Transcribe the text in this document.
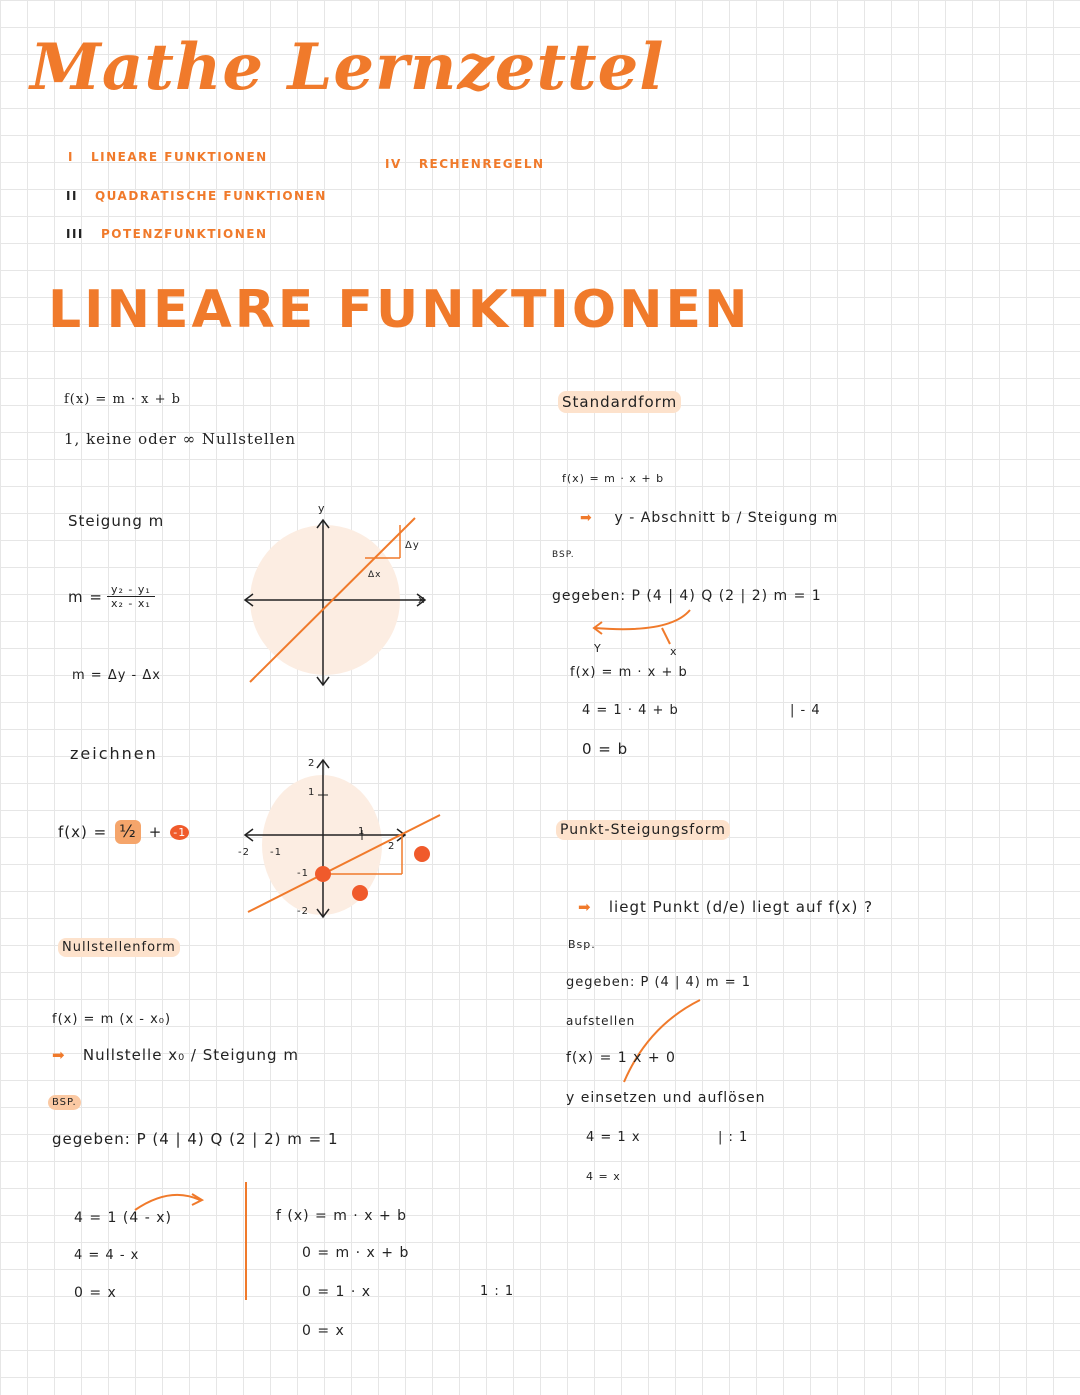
Mathe Lernzettel
I LINEARE FUNKTIONEN
II QUADRATISCHE FUNKTIONEN
III POTENZFUNKTIONEN
IV RECHENREGELN
LINEARE FUNKTIONEN
f(x) = m · x + b
1, keine oder ∞ Nullstellen
Steigung m
$m = \frac{\text{y₂ - y₁}}{\text{x₂ - x₁}}$
m = Δy - Δx
zeichnen
f(x) = ½ + -1
Nullstellenform
f(x) = m (x - x₀)
➡ Nullstelle x₀ / Steigung m
BSP.
gegeben: P (4 | 4) Q (2 | 2) m = 1
4 = 1 (4 - x)
4 = 4 - x
0 = x
f (x) = m · x + b
0 = m · x + b
0 = 1 · x
0 = x
1 : 1
y
x
Δx
Δy
2
1
-1
-2
-2 -1
1
2
Standardform
f(x) = m · x + b
➡ y - Abschnitt b / Steigung m
BSP.
gegeben: P (4 | 4) Q (2 | 2) m = 1
Y	x
f(x) = m · x + b
4 = 1 · 4 + b
0 = b
| - 4
Punkt-Steigungsform
➡ liegt Punkt (d/e) liegt auf f(x) ?
Bsp.
gegeben: P (4 | 4) m = 1
aufstellen
f(x) = 1 x + 0
y einsetzen und auflösen
4 = 1 x
4 = x
| : 1
